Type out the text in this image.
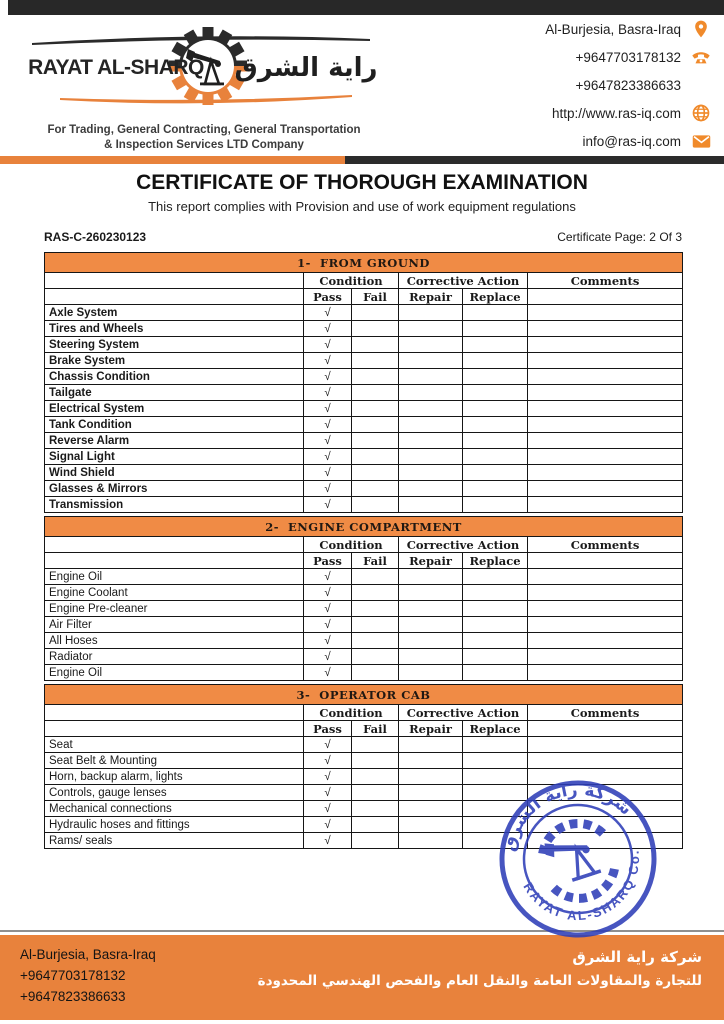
RAYAT AL-SHARQ راية الشرق
For Trading, General Contracting, General Transportation
& Inspection Services LTD Company
Al-Burjesia, Basra-Iraq
+9647703178132
+9647823386633
http://www.ras-iq.com
info@ras-iq.com
CERTIFICATE OF THOROUGH EXAMINATION
This report complies with Provision and use of work equipment regulations
RAS-C-260230123	Certificate Page: 2 Of 3
1-  FROM GROUND					
	Condition		Corrective Action		Comments
	Pass	Fail	Repair	Replace	
Axle System	√				
Tires and Wheels	√				
Steering System	√				
Brake System	√				
Chassis Condition	√				
Tailgate	√				
Electrical System	√				
Tank Condition	√				
Reverse Alarm	√				
Signal Light	√				
Wind Shield	√				
Glasses & Mirrors	√				
Transmission	√				
2-  ENGINE COMPARTMENT					
	Condition		Corrective Action		Comments
	Pass	Fail	Repair	Replace	
Engine Oil	√				
Engine Coolant	√				
Engine Pre-cleaner	√				
Air Filter	√				
All Hoses	√				
Radiator	√				
Engine Oil	√				
3-  OPERATOR CAB					
	Condition		Corrective Action		Comments
	Pass	Fail	Repair	Replace	
Seat	√				
Seat Belt & Mounting	√				
Horn, backup alarm, lights	√				
Controls, gauge lenses	√				
Mechanical connections	√				
Hydraulic hoses and fittings	√				
Rams/ seals	√					شركة راية الشرق
RAYAT AL-SHARQ Co.
Al-Burjesia, Basra-Iraq
+9647703178132
+9647823386633
شركة راية الشرق
للتجارة والمقاولات العامة والنقل العام والفحص الهندسي المحدودة
